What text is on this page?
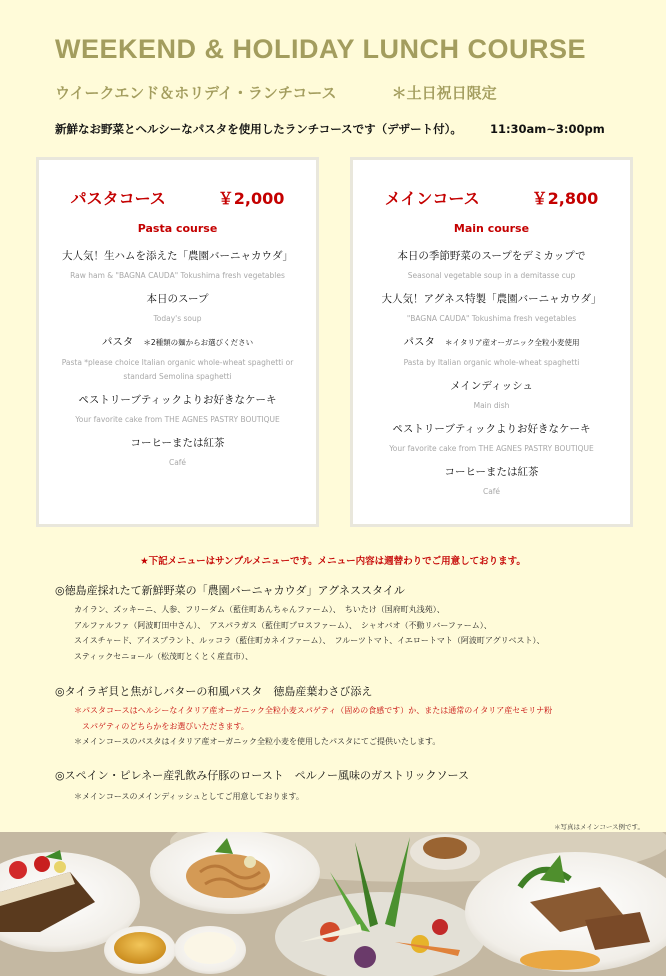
WEEKEND & HOLIDAY LUNCH COURSE
ウイークエンド＆ホリデイ・ランチコース	＊土日祝日限定
新鮮なお野菜とヘルシーなパスタを使用したランチコースです（デザート付）。 11:30am~3:00pm
パスタコース	￥2,000
Pasta course
大人気！生ハムを添えた「農園バーニャカウダ」
Raw ham & "BAGNA CAUDA" Tokushima fresh vegetables
本日のスープ
Today's soup
パスタ ＊2種類の麺からお選びください
Pasta *please choice Italian organic whole-wheat spaghetti or standard Semolina spaghetti
ペストリーブティックよりお好きなケーキ
Your favorite cake from THE AGNES PASTRY BOUTIQUE
コーヒーまたは紅茶
Café
メインコース	￥2,800
Main course
本日の季節野菜のスープをデミカップで
Seasonal vegetable soup in a demitasse cup
大人気！アグネス特製「農園バーニャカウダ」
"BAGNA CAUDA" Tokushima fresh vegetables
パスタ ＊イタリア産オーガニック全粒小麦使用
Pasta by Italian organic whole-wheat spaghetti
メインディッシュ
Main dish
ペストリーブティックよりお好きなケーキ
Your favorite cake from THE AGNES PASTRY BOUTIQUE
コーヒーまたは紅茶
Café
★下記メニューはサンプルメニューです。メニュー内容は週替わりでご用意しております。
◎徳島産採れたて新鮮野菜の「農園バーニャカウダ」アグネススタイル
カイラン、ズッキーニ、人参、フリーダム（藍住町あんちゃんファーム）、　ちいたけ（国府町丸浅苑）、
アルファルファ（阿波町田中さん）、　アスパラガス（藍住町プロスファーム）、　シャオバオ（不動リバーファーム）、
スイスチャード、アイスプラント、ルッコラ（藍住町カネイファーム）、　フルーツトマト、イエロートマト（阿波町アグリベスト）、
スティックセニョール（松茂町とくとく産直市）、
◎タイラギ貝と焦がしバターの和風パスタ　徳島産葉わさび添え
＊パスタコースはヘルシーなイタリア産オーガニック全粒小麦スパゲティ（固めの食感です）か、または通常のイタリア産セモリナ粉
　スパゲティのどちらかをお選びいただきます。
＊メインコースのパスタはイタリア産オーガニック全粒小麦を使用したパスタにてご提供いたします。
◎スペイン・ピレネー産乳飲み仔豚のロースト　ペルノー風味のガストリックソース
＊メインコースのメインディッシュとしてご用意しております。
＊写真はメインコース例です。
